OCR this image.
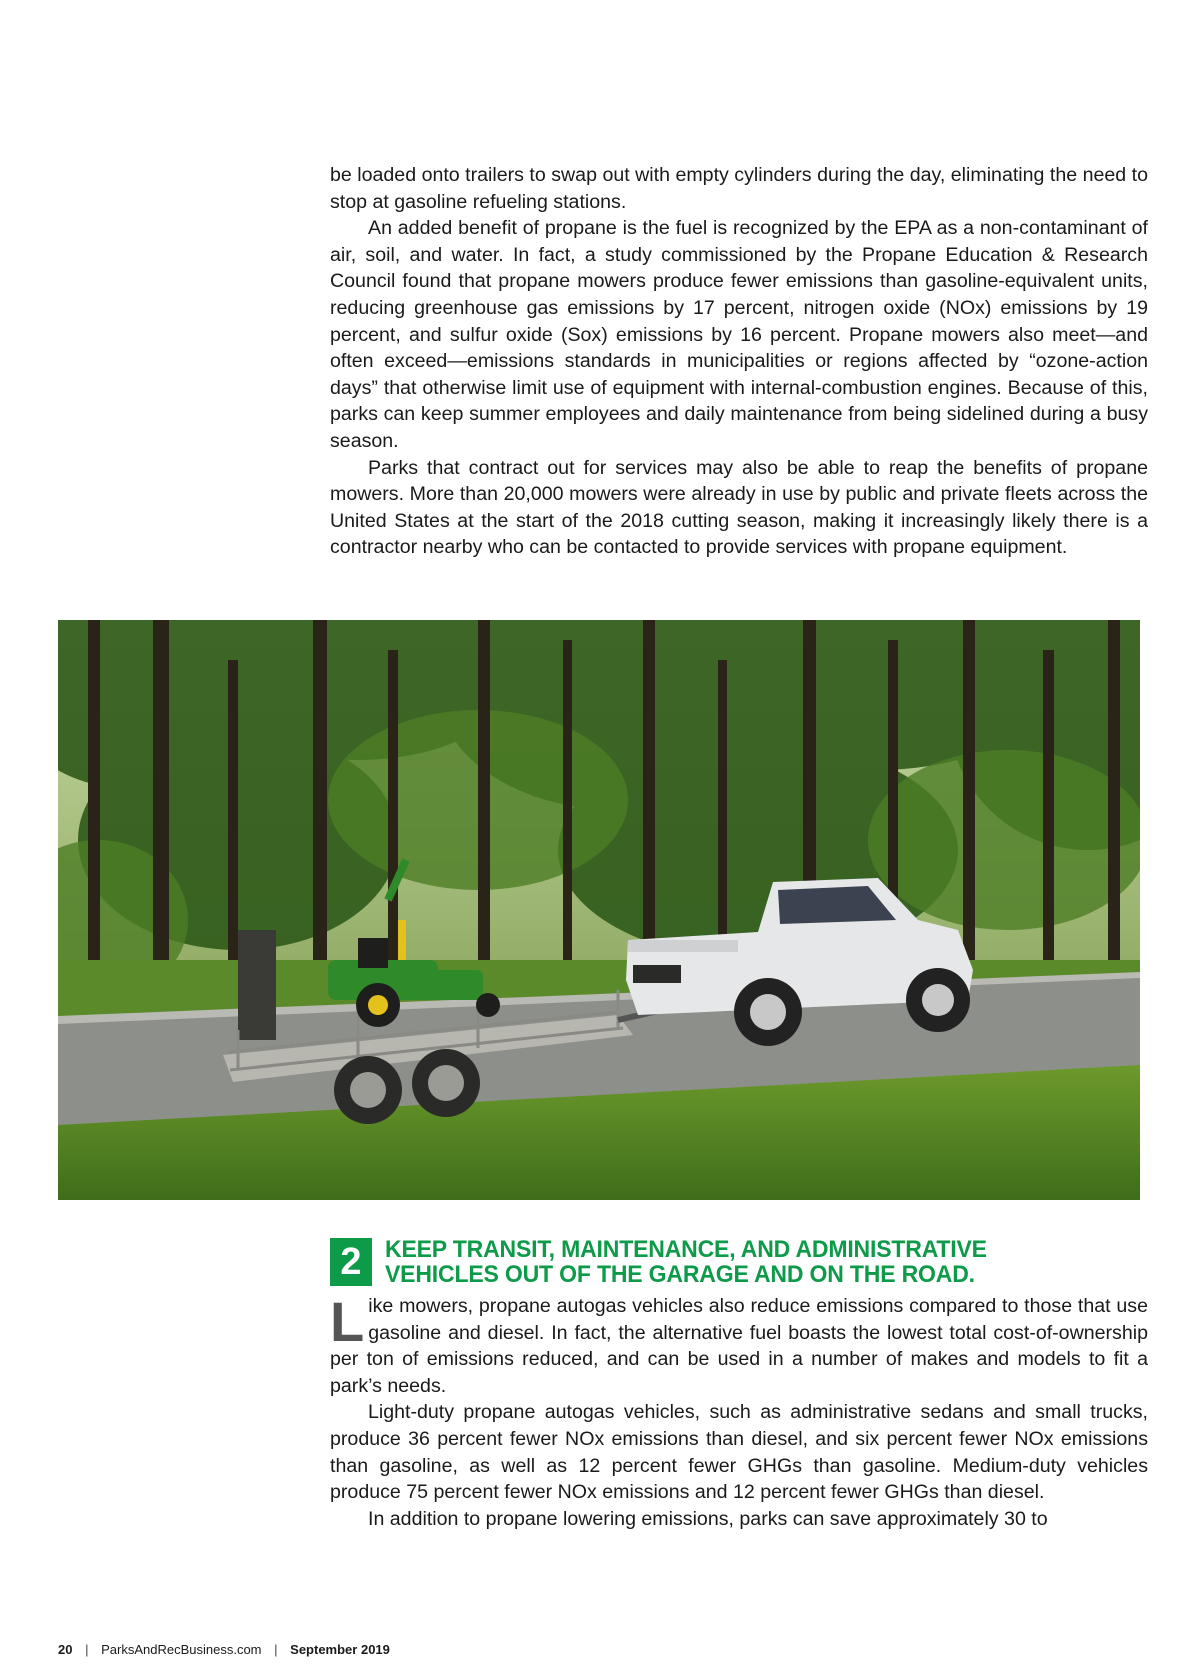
be loaded onto trailers to swap out with empty cylinders during the day, eliminating the need to stop at gasoline refueling stations.

An added benefit of propane is the fuel is recognized by the EPA as a non-contaminant of air, soil, and water. In fact, a study commissioned by the Propane Education & Research Council found that propane mowers produce fewer emissions than gasoline-equivalent units, reducing greenhouse gas emissions by 17 percent, nitrogen oxide (NOx) emissions by 19 percent, and sulfur oxide (Sox) emissions by 16 percent. Propane mowers also meet—and often exceed—emissions standards in municipalities or regions affected by “ozone-action days” that otherwise limit use of equipment with internal-combustion engines. Because of this, parks can keep summer employees and daily maintenance from being sidelined during a busy season.

Parks that contract out for services may also be able to reap the benefits of propane mowers. More than 20,000 mowers were already in use by public and private fleets across the United States at the start of the 2018 cutting season, making it increasingly likely there is a contractor nearby who can be contacted to provide services with propane equipment.

2 KEEP TRANSIT, MAINTENANCE, AND ADMINISTRATIVE
VEHICLES OUT OF THE GARAGE AND ON THE ROAD.

Like mowers, propane autogas vehicles also reduce emissions compared to those that use gasoline and diesel. In fact, the alternative fuel boasts the lowest total cost-of-ownership per ton of emissions reduced, and can be used in a number of makes and models to fit a park’s needs.

Light-duty propane autogas vehicles, such as administrative sedans and small trucks, produce 36 percent fewer NOx emissions than diesel, and six percent fewer NOx emissions than gasoline, as well as 12 percent fewer GHGs than gasoline. Medium-duty vehicles produce 75 percent fewer NOx emissions and 12 percent fewer GHGs than diesel.

In addition to propane lowering emissions, parks can save approximately 30 to

20 | ParksAndRecBusiness.com | September 2019
